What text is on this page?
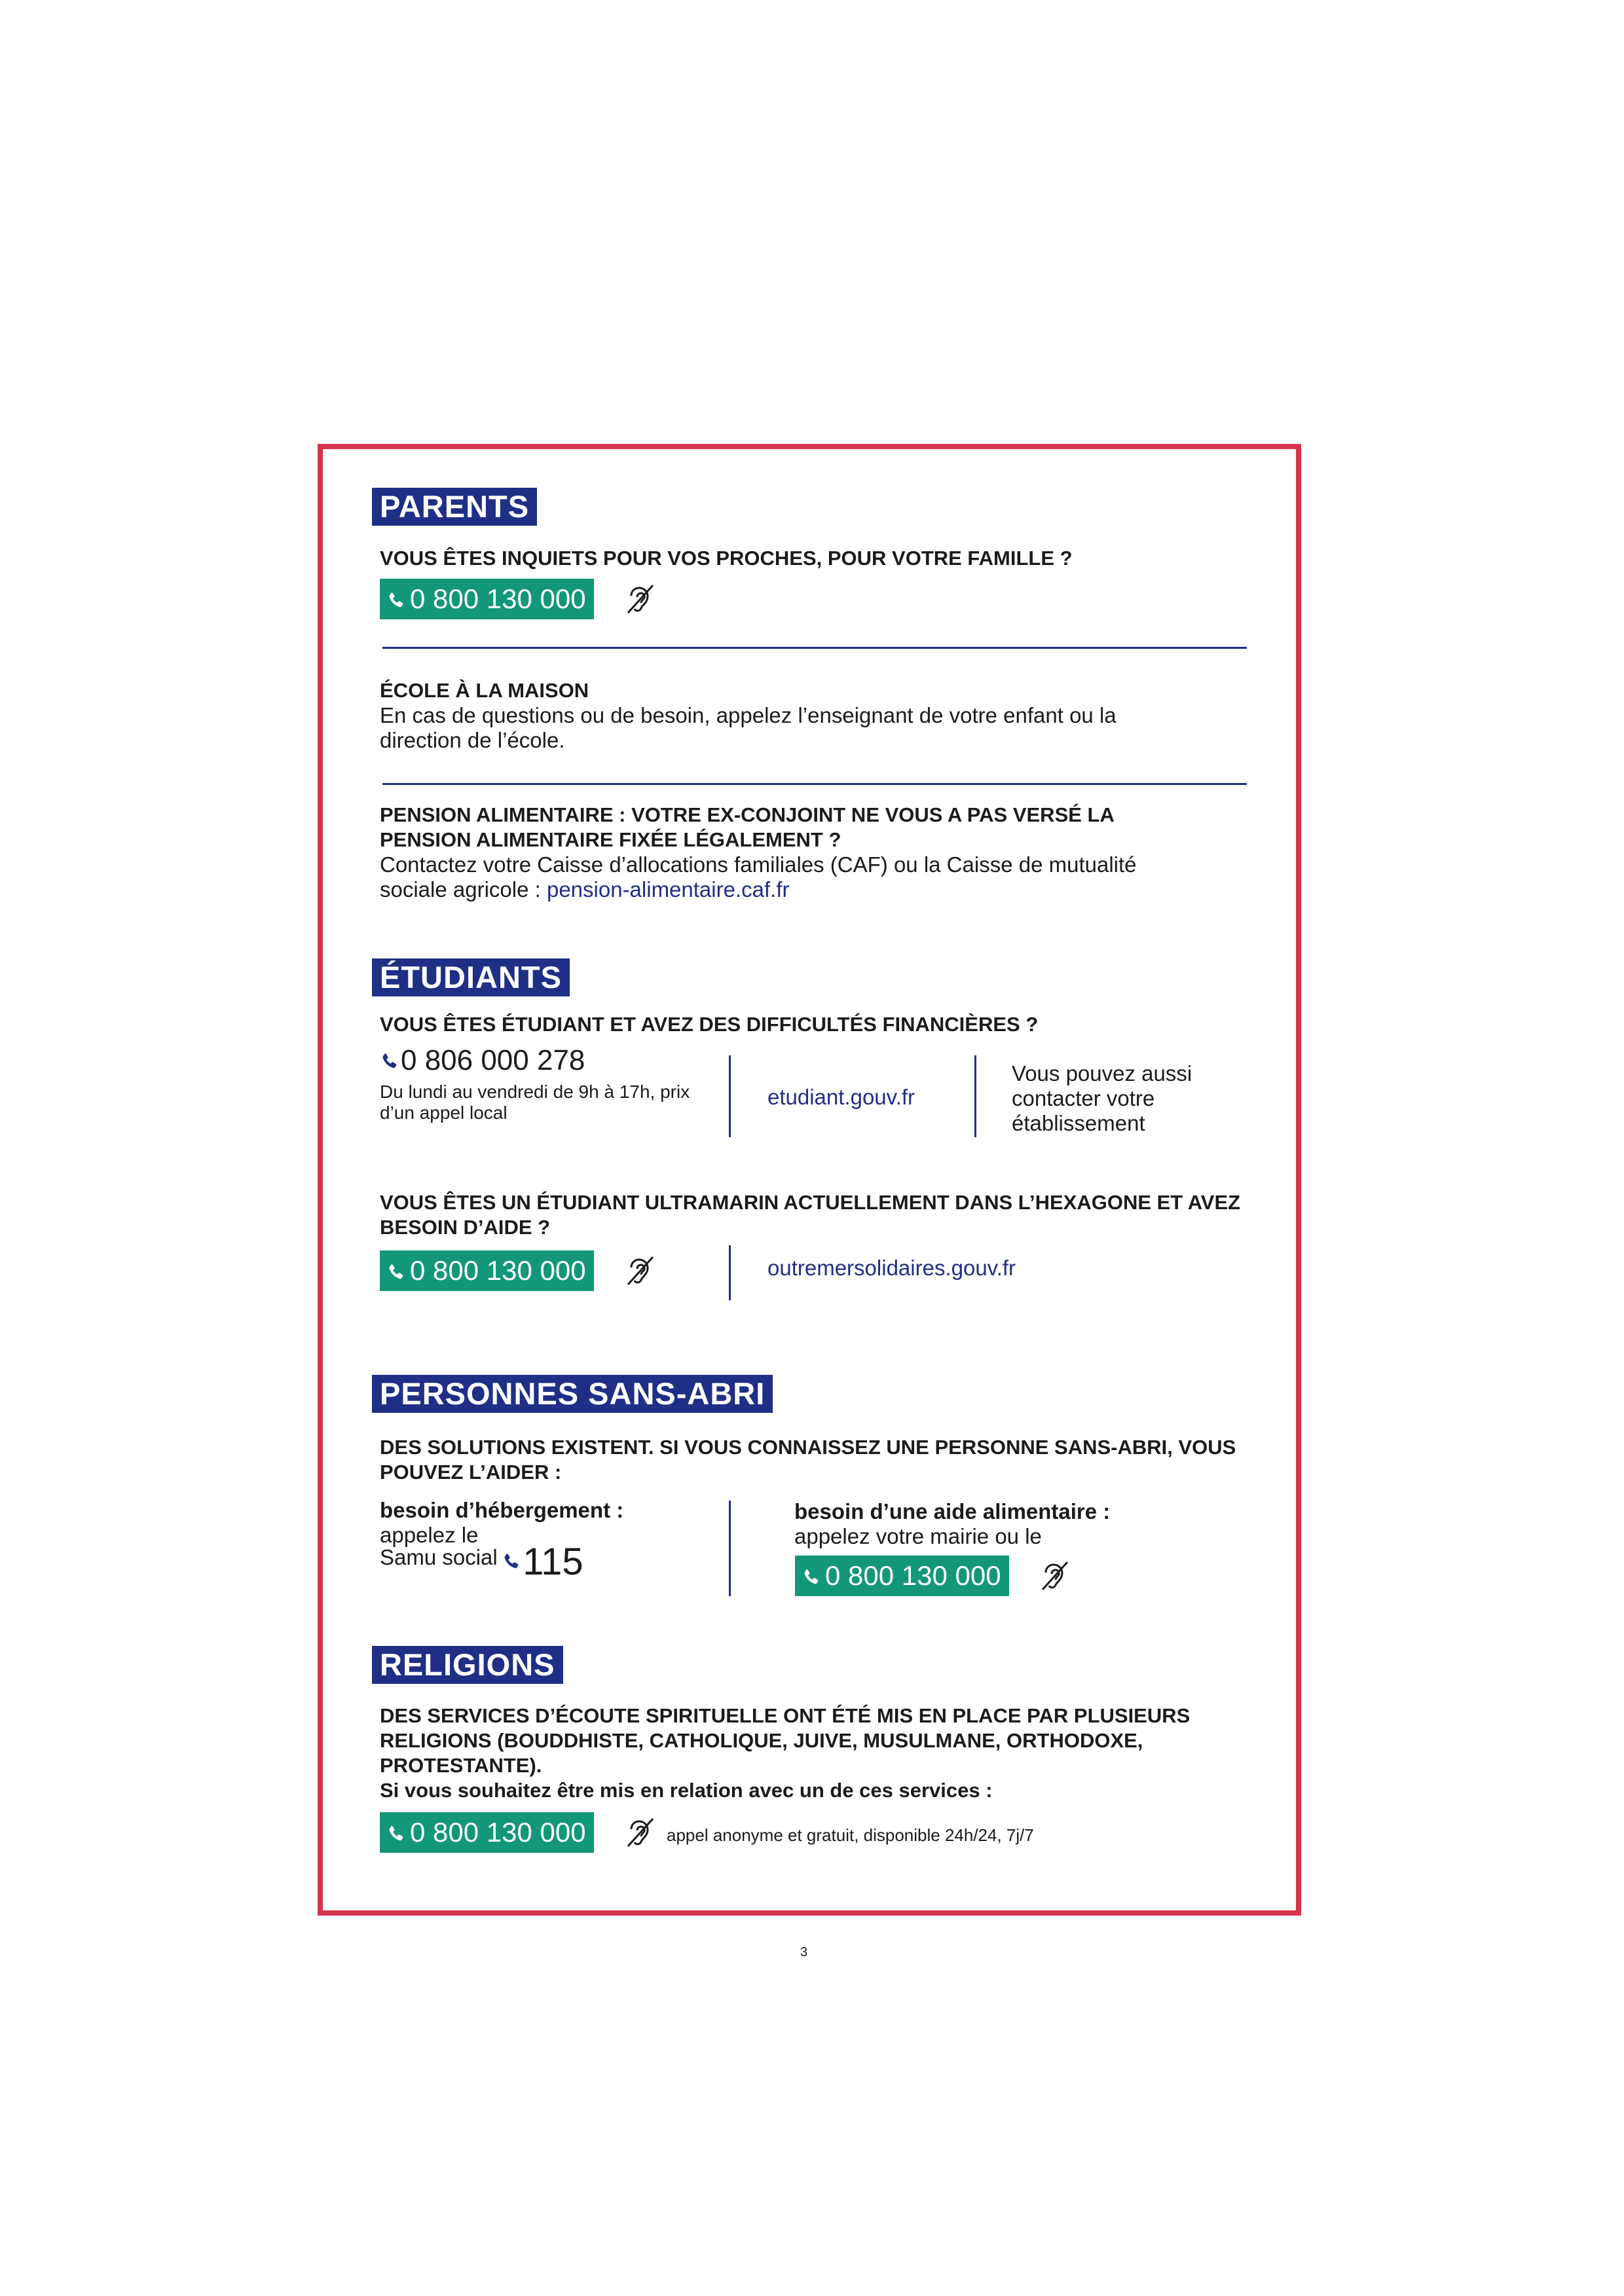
PARENTS
VOUS ÊTES INQUIETS POUR VOS PROCHES, POUR VOTRE FAMILLE ?
0 800 130 000
ÉCOLE À LA MAISON
En cas de questions ou de besoin, appelez l’enseignant de votre enfant ou la direction de l’école.
PENSION ALIMENTAIRE : VOTRE EX-CONJOINT NE VOUS A PAS VERSÉ LA PENSION ALIMENTAIRE FIXÉE LÉGALEMENT ?
Contactez votre Caisse d’allocations familiales (CAF) ou la Caisse de mutualité sociale agricole : pension-alimentaire.caf.fr
ÉTUDIANTS
VOUS ÊTES ÉTUDIANT ET AVEZ DES DIFFICULTÉS FINANCIÈRES ?
0 806 000 278
Du lundi au vendredi de 9h à 17h, prix d’un appel local
etudiant.gouv.fr
Vous pouvez aussi contacter votre établissement
VOUS ÊTES UN ÉTUDIANT ULTRAMARIN ACTUELLEMENT DANS L’HEXAGONE ET AVEZ BESOIN D’AIDE ?
0 800 130 000	outremersolidaires.gouv.fr
PERSONNES SANS-ABRI
DES SOLUTIONS EXISTENT. SI VOUS CONNAISSEZ UNE PERSONNE SANS-ABRI, VOUS POUVEZ L’AIDER :
besoin d’hébergement :
appelez le
Samu social 115
besoin d’une aide alimentaire :
appelez votre mairie ou le
0 800 130 000
RELIGIONS
DES SERVICES D’ÉCOUTE SPIRITUELLE ONT ÉTÉ MIS EN PLACE PAR PLUSIEURS RELIGIONS (BOUDDHISTE, CATHOLIQUE, JUIVE, MUSULMANE, ORTHODOXE, PROTESTANTE).
Si vous souhaitez être mis en relation avec un de ces services :
0 800 130 000	appel anonyme et gratuit, disponible 24h/24, 7j/7
3
